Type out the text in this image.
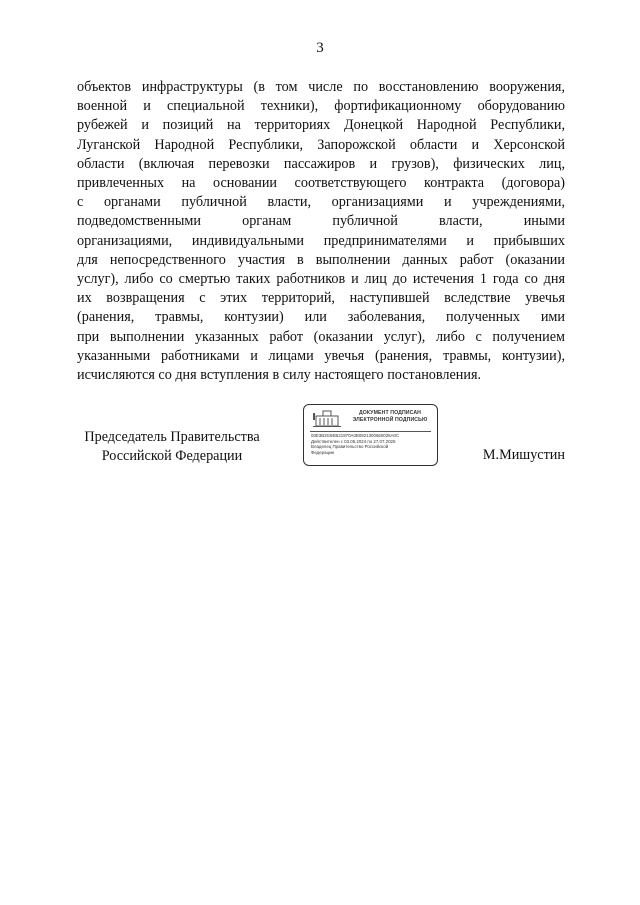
3
объектов инфраструктуры (в том числе по восстановлению вооружения,
военной и специальной техники), фортификационному оборудованию
рубежей и позиций на территориях Донецкой Народной Республики,
Луганской Народной Республики, Запорожской области и Херсонской
области (включая перевозки пассажиров и грузов), физических лиц,
привлеченных на основании соответствующего контракта (договора)
с органами публичной власти, организациями и учреждениями,
подведомственными органам публичной власти, иными
организациями, индивидуальными предпринимателями и прибывших
для непосредственного участия в выполнении данных работ (оказании
услуг), либо со смертью таких работников и лиц до истечения 1 года со дня
их возвращения с этих территорий, наступившей вследствие увечья
(ранения, травмы, контузии) или заболевания, полученных ими
при выполнении указанных работ (оказании услуг), либо с получением
указанными работниками и лицами увечья (ранения, травмы, контузии),
исчисляются со дня вступления в силу настоящего постановления.
Председатель Правительства
Российской Федерации
ДОКУМЕНТ ПОДПИСАН
ЭЛЕКТРОННОЙ ПОДПИСЬЮ
00E3B3G6EB21970A0B0921300660025A0C
Действителен с 03.05.2024 по 27.07.2025
Владелец Правительство Российской
Федерации	М.Мишустин
